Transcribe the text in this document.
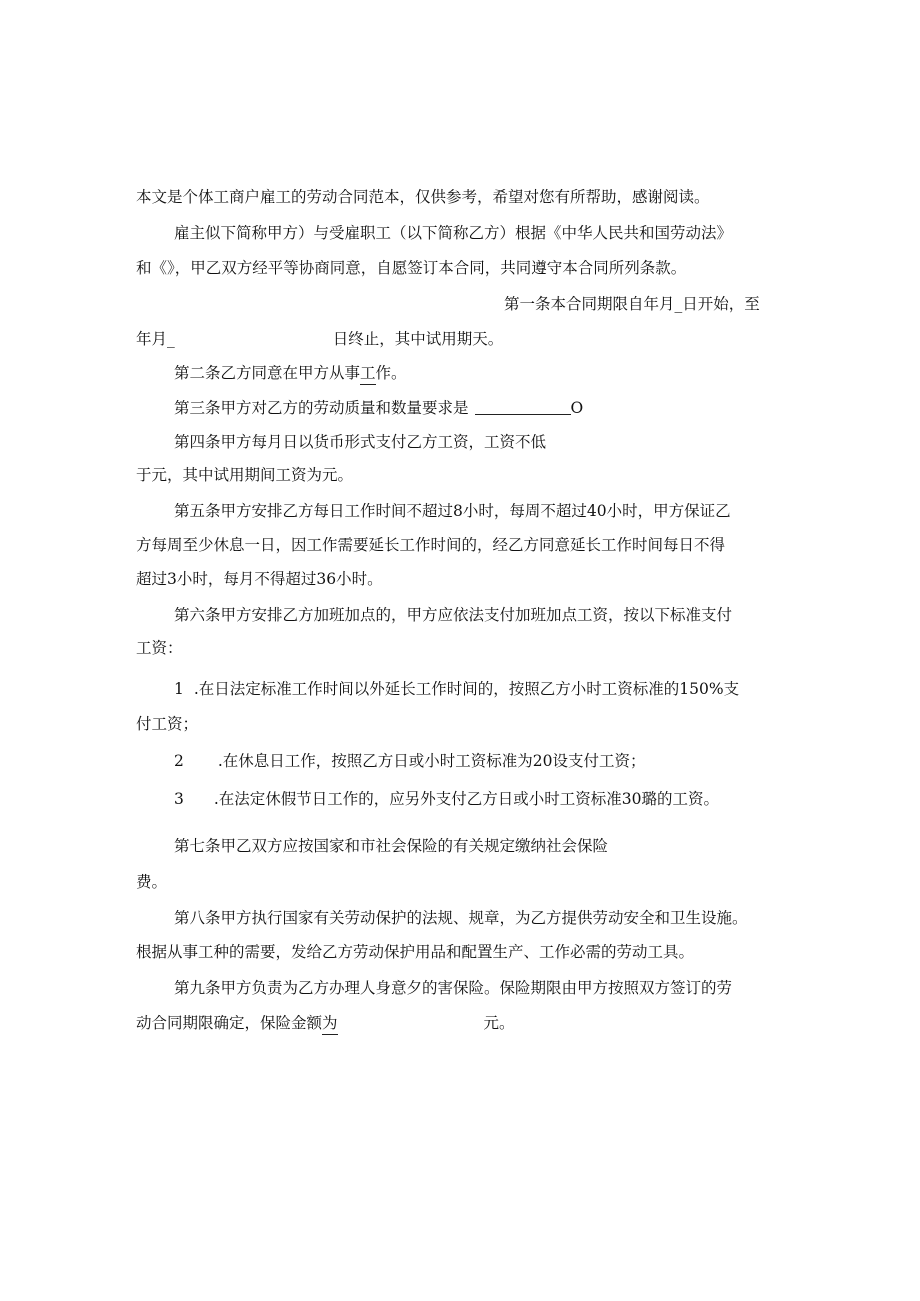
本文是个体工商户雇工的劳动合同范本，仅供参考，希望对您有所帮助，感谢阅读。
雇主似下简称甲方）与受雇职工（以下简称乙方）根据《中华人民共和国劳动法》
和《》，甲乙双方经平等协商同意，自愿签订本合同，共同遵守本合同所列条款。
第一条本合同期限自年月_日开始，至
年月_	日终止，其中试用期天。
第二条乙方同意在甲方从事工作。
第三条甲方对乙方的劳动质量和数量要求是	O
第四条甲方每月日以货币形式支付乙方工资，工资不低
于元，其中试用期间工资为元。
第五条甲方安排乙方每日工作时间不超过8小时，每周不超过40小时，甲方保证乙
方每周至少休息一日，因工作需要延长工作时间的，经乙方同意延长工作时间每日不得
超过3小时，每月不得超过36小时。
第六条甲方安排乙方加班加点的，甲方应依法支付加班加点工资，按以下标准支付
工资：
1 .在日法定标准工作时间以外延长工作时间的，按照乙方小时工资标准的150%支
付工资；
2 .在休息日工作，按照乙方日或小时工资标准为20设支付工资；
3 .在法定休假节日工作的，应另外支付乙方日或小时工资标准30璐的工资。
第七条甲乙双方应按国家和市社会保险的有关规定缴纳社会保险
费。
第八条甲方执行国家有关劳动保护的法规、规章，为乙方提供劳动安全和卫生设施。
根据从事工种的需要，发给乙方劳动保护用品和配置生产、工作必需的劳动工具。
第九条甲方负责为乙方办理人身意夕的害保险。保险期限由甲方按照双方签订的劳
动合同期限确定，保险金额为	元。
